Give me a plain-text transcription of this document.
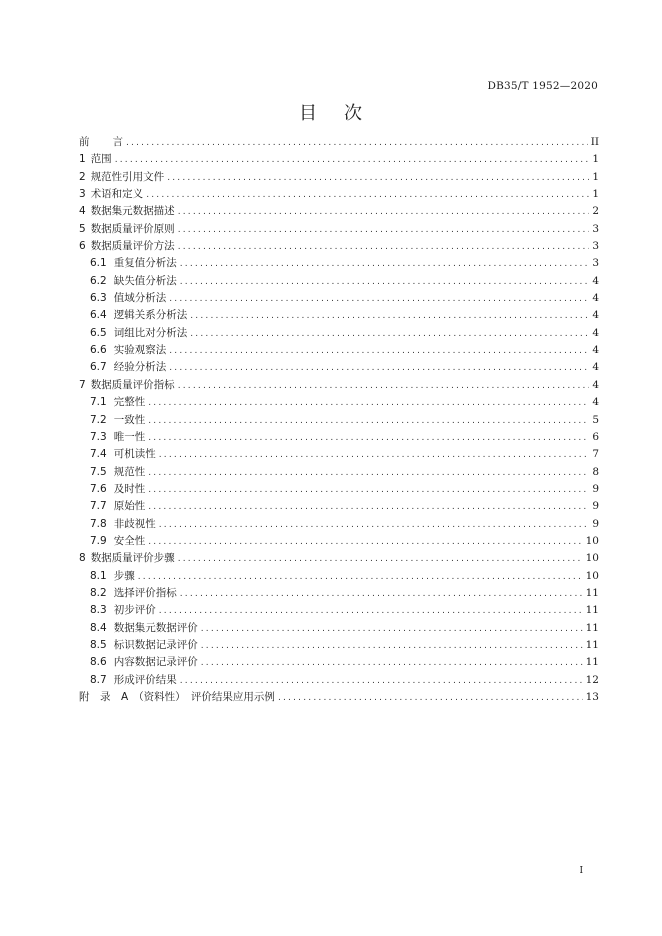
DB35/T 1952—2020
目 次
前 言 .....	II
1 范围 .....	1
2 规范性引用文件 .....	1
3 术语和定义 .....	1
4 数据集元数据描述 .....	2
5 数据质量评价原则 .....	3
6 数据质量评价方法 .....	3
6.1 重复值分析法 .....	3
6.2 缺失值分析法 .....	4
6.3 值域分析法 .....	4
6.4 逻辑关系分析法 .....	4
6.5 词组比对分析法 .....	4
6.6 实验观察法 .....	4
6.7 经验分析法 .....	4
7 数据质量评价指标 .....	4
7.1 完整性 .....	4
7.2 一致性 .....	5
7.3 唯一性 .....	6
7.4 可机读性 .....	7
7.5 规范性 .....	8
7.6 及时性 .....	9
7.7 原始性 .....	9
7.8 非歧视性 .....	9
7.9 安全性 .....	10
8 数据质量评价步骤 .....	10
8.1 步骤 .....	10
8.2 选择评价指标 .....	11
8.3 初步评价 .....	11
8.4 数据集元数据评价 .....	11
8.5 标识数据记录评价 .....	11
8.6 内容数据记录评价 .....	11
8.7 形成评价结果 .....	12
附　录　A （资料性）　评价结果应用示例 .....	13
I
